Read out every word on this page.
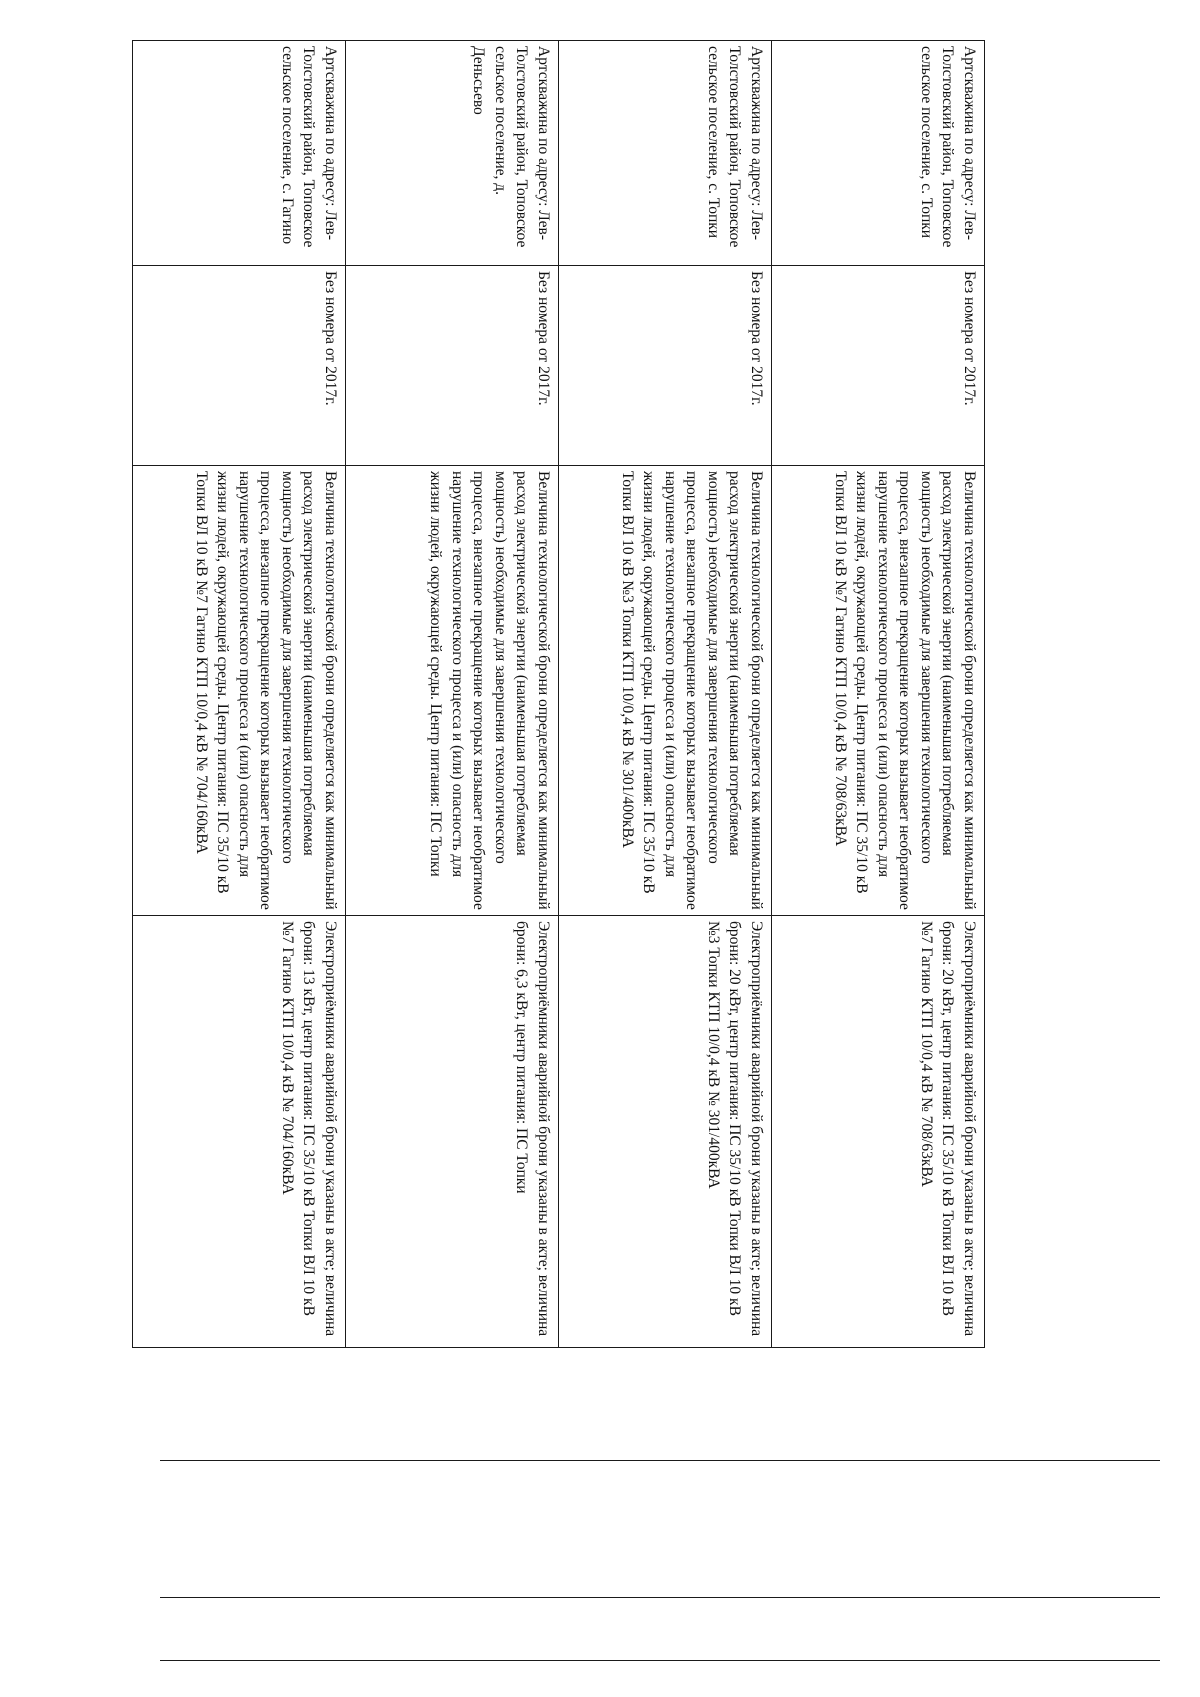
Артскважина по адресу: Лев-Толстовский район, Топовское сельское поселение, с. Топки	Без номера от 2017г.	Величина технологической брони определяется как минимальный расход электрической энергии (наименьшая потребляемая мощность) необходимые для завершения технологического процесса, внезапное прекращение которых вызывает необратимое нарушение технологического процесса и (или) опасность для жизни людей, окружающей среды. Центр питания: ПС 35/10 кВ Топки ВЛ 10 кВ №7 Гагино КТП 10/0,4 кВ № 708/63кВА	Электроприёмники аварийной брони указаны в акте; величина брони: 20 кВт, центр питания: ПС 35/10 кВ Топки ВЛ 10 кВ №7 Гагино КТП 10/0,4 кВ № 708/63кВА
Артскважина по адресу: Лев-Толстовский район, Топовское сельское поселение, с. Топки	Без номера от 2017г.	Величина технологической брони определяется как минимальный расход электрической энергии (наименьшая потребляемая мощность) необходимые для завершения технологического процесса, внезапное прекращение которых вызывает необратимое нарушение технологического процесса и (или) опасность для жизни людей, окружающей среды. Центр питания: ПС 35/10 кВ Топки ВЛ 10 кВ №3 Топки КТП 10/0,4 кВ № 301/400кВА	Электроприёмники аварийной брони указаны в акте; величина брони: 20 кВт, центр питания: ПС 35/10 кВ Топки ВЛ 10 кВ №3 Топки КТП 10/0,4 кВ № 301/400кВА
Артскважина по адресу: Лев-Толстовский район, Топовское сельское поселение, д. Деньсьево	Без номера от 2017г.	Величина технологической брони определяется как минимальный расход электрической энергии (наименьшая потребляемая мощность) необходимые для завершения технологического процесса, внезапное прекращение которых вызывает необратимое нарушение технологического процесса и (или) опасность для жизни людей, окружающей среды. Центр питания: ПС Топки	Электроприёмники аварийной брони указаны в акте; величина брони: 6,3 кВт, центр питания: ПС Топки
Артскважина по адресу: Лев-Толстовский район, Топовское сельское поселение, с. Гагино	Без номера от 2017г.	Величина технологической брони определяется как минимальный расход электрической энергии (наименьшая потребляемая мощность) необходимые для завершения технологического процесса, внезапное прекращение которых вызывает необратимое нарушение технологического процесса и (или) опасность для жизни людей, окружающей среды. Центр питания: ПС 35/10 кВ Топки ВЛ 10 кВ №7 Гагино КТП 10/0,4 кВ № 704/160кВА	Электроприёмники аварийной брони указаны в акте; величина брони: 13 кВт, центр питания: ПС 35/10 кВ Топки ВЛ 10 кВ №7 Гагино КТП 10/0,4 кВ № 704/160кВА
